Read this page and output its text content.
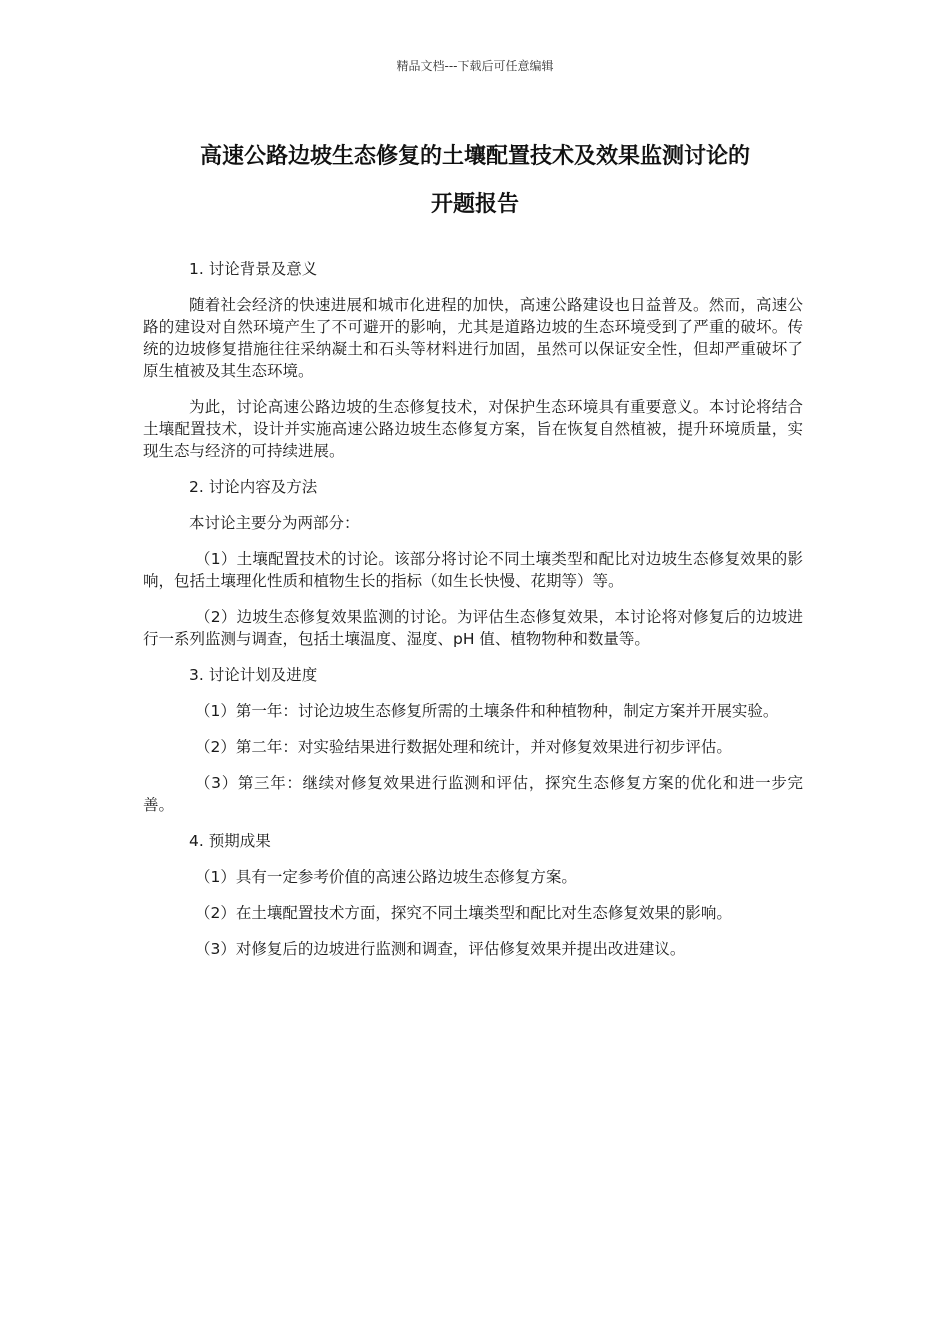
精品文档---下载后可任意编辑
高速公路边坡生态修复的土壤配置技术及效果监测讨论的
开题报告

1. 讨论背景及意义

随着社会经济的快速进展和城市化进程的加快，高速公路建设也日益普及。然而，高速公路的建设对自然环境产生了不可避开的影响，尤其是道路边坡的生态环境受到了严重的破坏。传统的边坡修复措施往往采纳凝土和石头等材料进行加固，虽然可以保证安全性，但却严重破坏了原生植被及其生态环境。

为此，讨论高速公路边坡的生态修复技术，对保护生态环境具有重要意义。本讨论将结合土壤配置技术，设计并实施高速公路边坡生态修复方案，旨在恢复自然植被，提升环境质量，实现生态与经济的可持续进展。

2. 讨论内容及方法

本讨论主要分为两部分：

（1）土壤配置技术的讨论。该部分将讨论不同土壤类型和配比对边坡生态修复效果的影响，包括土壤理化性质和植物生长的指标（如生长快慢、花期等）等。

（2）边坡生态修复效果监测的讨论。为评估生态修复效果，本讨论将对修复后的边坡进行一系列监测与调查，包括土壤温度、湿度、pH 值、植物物种和数量等。

3. 讨论计划及进度

（1）第一年：讨论边坡生态修复所需的土壤条件和种植物种，制定方案并开展实验。

（2）第二年：对实验结果进行数据处理和统计，并对修复效果进行初步评估。

（3）第三年：继续对修复效果进行监测和评估，探究生态修复方案的优化和进一步完善。

4. 预期成果

（1）具有一定参考价值的高速公路边坡生态修复方案。

（2）在土壤配置技术方面，探究不同土壤类型和配比对生态修复效果的影响。

（3）对修复后的边坡进行监测和调查，评估修复效果并提出改进建议。
